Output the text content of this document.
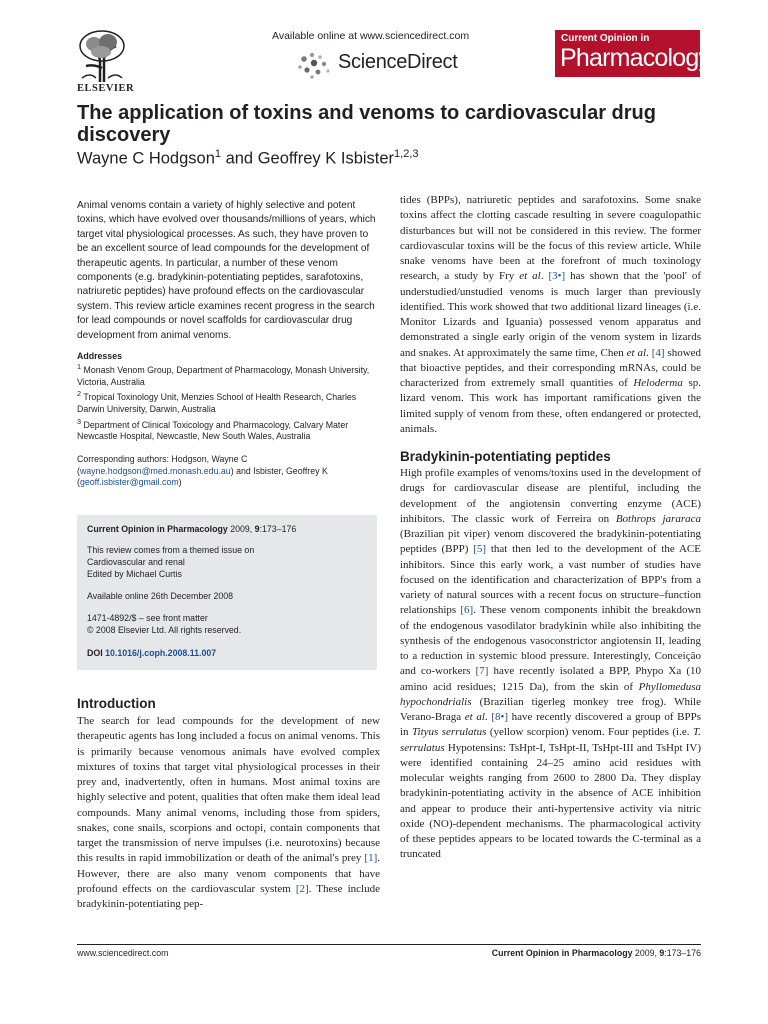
ELSEVIER
Available online at www.sciencedirect.com
ScienceDirect
Current Opinion in
Pharmacology
The application of toxins and venoms to cardiovascular drug discovery
Wayne C Hodgson$^1$ and Geoffrey K Isbister$^{1,2,3}$

Animal venoms contain a variety of highly selective and potent toxins, which have evolved over thousands/millions of years, which target vital physiological processes. As such, they have proven to be an excellent source of lead compounds for the development of therapeutic agents. In particular, a number of these venom components (e.g. bradykinin-potentiating peptides, sarafotoxins, natriuretic peptides) have profound effects on the cardiovascular system. This review article examines recent progress in the search for lead compounds or novel scaffolds for cardiovascular drug development from animal venoms.

Addresses
$^1$ Monash Venom Group, Department of Pharmacology, Monash University, Victoria, Australia
$^2$ Tropical Toxinology Unit, Menzies School of Health Research, Charles Darwin University, Darwin, Australia
$^3$ Department of Clinical Toxicology and Pharmacology, Calvary Mater Newcastle Hospital, Newcastle, New South Wales, Australia
Corresponding authors: Hodgson, Wayne C
(wayne.hodgson@med.monash.edu.au) and Isbister, Geoffrey K
(geoff.isbister@gmail.com)
Current Opinion in Pharmacology 2009, 9:173–176
This review comes from a themed issue on
Cardiovascular and renal
Edited by Michael Curtis
Available online 26th December 2008
1471-4892/$ – see front matter
© 2008 Elsevier Ltd. All rights reserved.
DOI 10.1016/j.coph.2008.11.007
Introduction

The search for lead compounds for the development of new therapeutic agents has long included a focus on animal venoms. This is primarily because venomous animals have evolved complex mixtures of toxins that target vital physiological processes in their prey and, inadvertently, often in humans. Most animal toxins are highly selective and potent, qualities that often make them ideal lead compounds. Many animal venoms, including those from spiders, snakes, cone snails, scorpions and octopi, contain components that target the transmission of nerve impulses (i.e. neurotoxins) because this results in rapid immobilization or death of the animal's prey [1]. However, there are also many venom components that have profound effects on the cardiovascular system [2]. These include bradykinin-potentiating pep-

tides (BPPs), natriuretic peptides and sarafotoxins. Some snake toxins affect the clotting cascade resulting in severe coagulopathic disturbances but will not be considered in this review. The former cardiovascular toxins will be the focus of this review article. While snake venoms have been at the forefront of much toxinology research, a study by Fry et al. [3•] has shown that the 'pool' of understudied/unstudied venoms is much larger than previously identified. This work showed that two additional lizard lineages (i.e. Monitor Lizards and Iguania) possessed venom apparatus and demonstrated a single early origin of the venom system in lizards and snakes. At approximately the same time, Chen et al. [4] showed that bioactive peptides, and their corresponding mRNAs, could be characterized from extremely small quantities of Heloderma sp. lizard venom. This work has important ramifications given the limited supply of venom from these, often endangered or protected, animals.

Bradykinin-potentiating peptides

High profile examples of venoms/toxins used in the development of drugs for cardiovascular disease are plentiful, including the development of the angiotensin converting enzyme (ACE) inhibitors. The classic work of Ferreira on Bothrops jararaca (Brazilian pit viper) venom discovered the bradykinin-potentiating peptides (BPP) [5] that then led to the development of the ACE inhibitors. Since this early work, a vast number of studies have focused on the identification and characterization of BPP's from a variety of natural sources with a recent focus on structure–function relationships [6]. These venom components inhibit the breakdown of the endogenous vasodilator bradykinin while also inhibiting the synthesis of the endogenous vasoconstrictor angiotensin II, leading to a reduction in systemic blood pressure. Interestingly, Conceição and co-workers [7] have recently isolated a BPP, Phypo Xa (10 amino acid residues; 1215 Da), from the skin of Phyllomedusa hypochondrialis (Brazilian tigerleg monkey tree frog). While Verano-Braga et al. [8•] have recently discovered a group of BPPs in Tityus serrulatus (yellow scorpion) venom. Four peptides (i.e. T. serrulatus Hypotensins: TsHpt-I, TsHpt-II, TsHpt-III and TsHpt IV) were identified containing 24–25 amino acid residues with molecular weights ranging from 2600 to 2800 Da. They display bradykinin-potentiating activity in the absence of ACE inhibition and appear to produce their anti-hypertensive activity via nitric oxide (NO)-dependent mechanisms. The pharmacological activity of these peptides appears to be located towards the C-terminal as a truncated

www.sciencedirect.com	Current Opinion in Pharmacology 2009, 9:173–176
